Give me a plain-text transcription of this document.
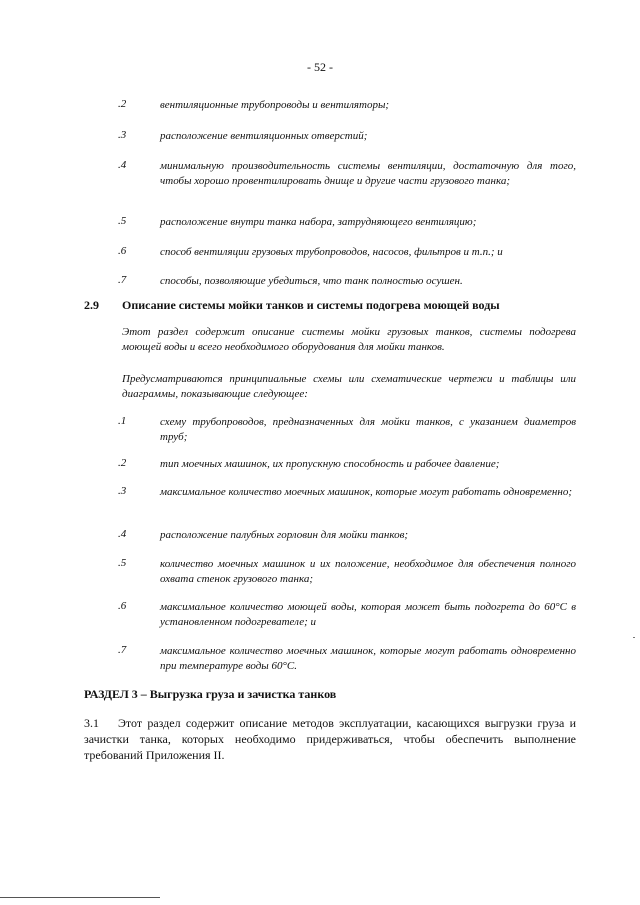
- 52 -
.2	вентиляционные трубопроводы и вентиляторы;
.3	расположение вентиляционных отверстий;
.4	минимальную производительность системы вентиляции, достаточную для того, чтобы хорошо провентилировать днище и другие части грузового танка;
.5	расположение внутри танка набора, затрудняющего вентиляцию;
.6	способ вентиляции грузовых трубопроводов, насосов, фильтров и т.п.; и
.7	способы, позволяющие убедиться, что танк полностью осушен.
2.9 Описание системы мойки танков и системы подогрева моющей воды
Этот раздел содержит описание системы мойки грузовых танков, системы подогрева моющей воды и всего необходимого оборудования для мойки танков.
Предусматриваются принципиальные схемы или схематические чертежи и таблицы или диаграммы, показывающие следующее:
.1	схему трубопроводов, предназначенных для мойки танков, с указанием диаметров труб;
.2	тип моечных машинок, их пропускную способность и рабочее давление;
.3	максимальное количество моечных машинок, которые могут работать одновременно;
.4	расположение палубных горловин для мойки танков;
.5	количество моечных машинок и их положение, необходимое для обеспечения полного охвата стенок грузового танка;
.6	максимальное количество моющей воды, которая может быть подогрета до 60°С в установленном подогревателе; и
.7	максимальное количество моечных машинок, которые могут работать одновременно при температуре воды 60°С.
РАЗДЕЛ 3 – Выгрузка груза и зачистка танков
3.1 Этот раздел содержит описание методов эксплуатации, касающихся выгрузки груза и зачистки танка, которых необходимо придерживаться, чтобы обеспечить выполнение требований Приложения II.
